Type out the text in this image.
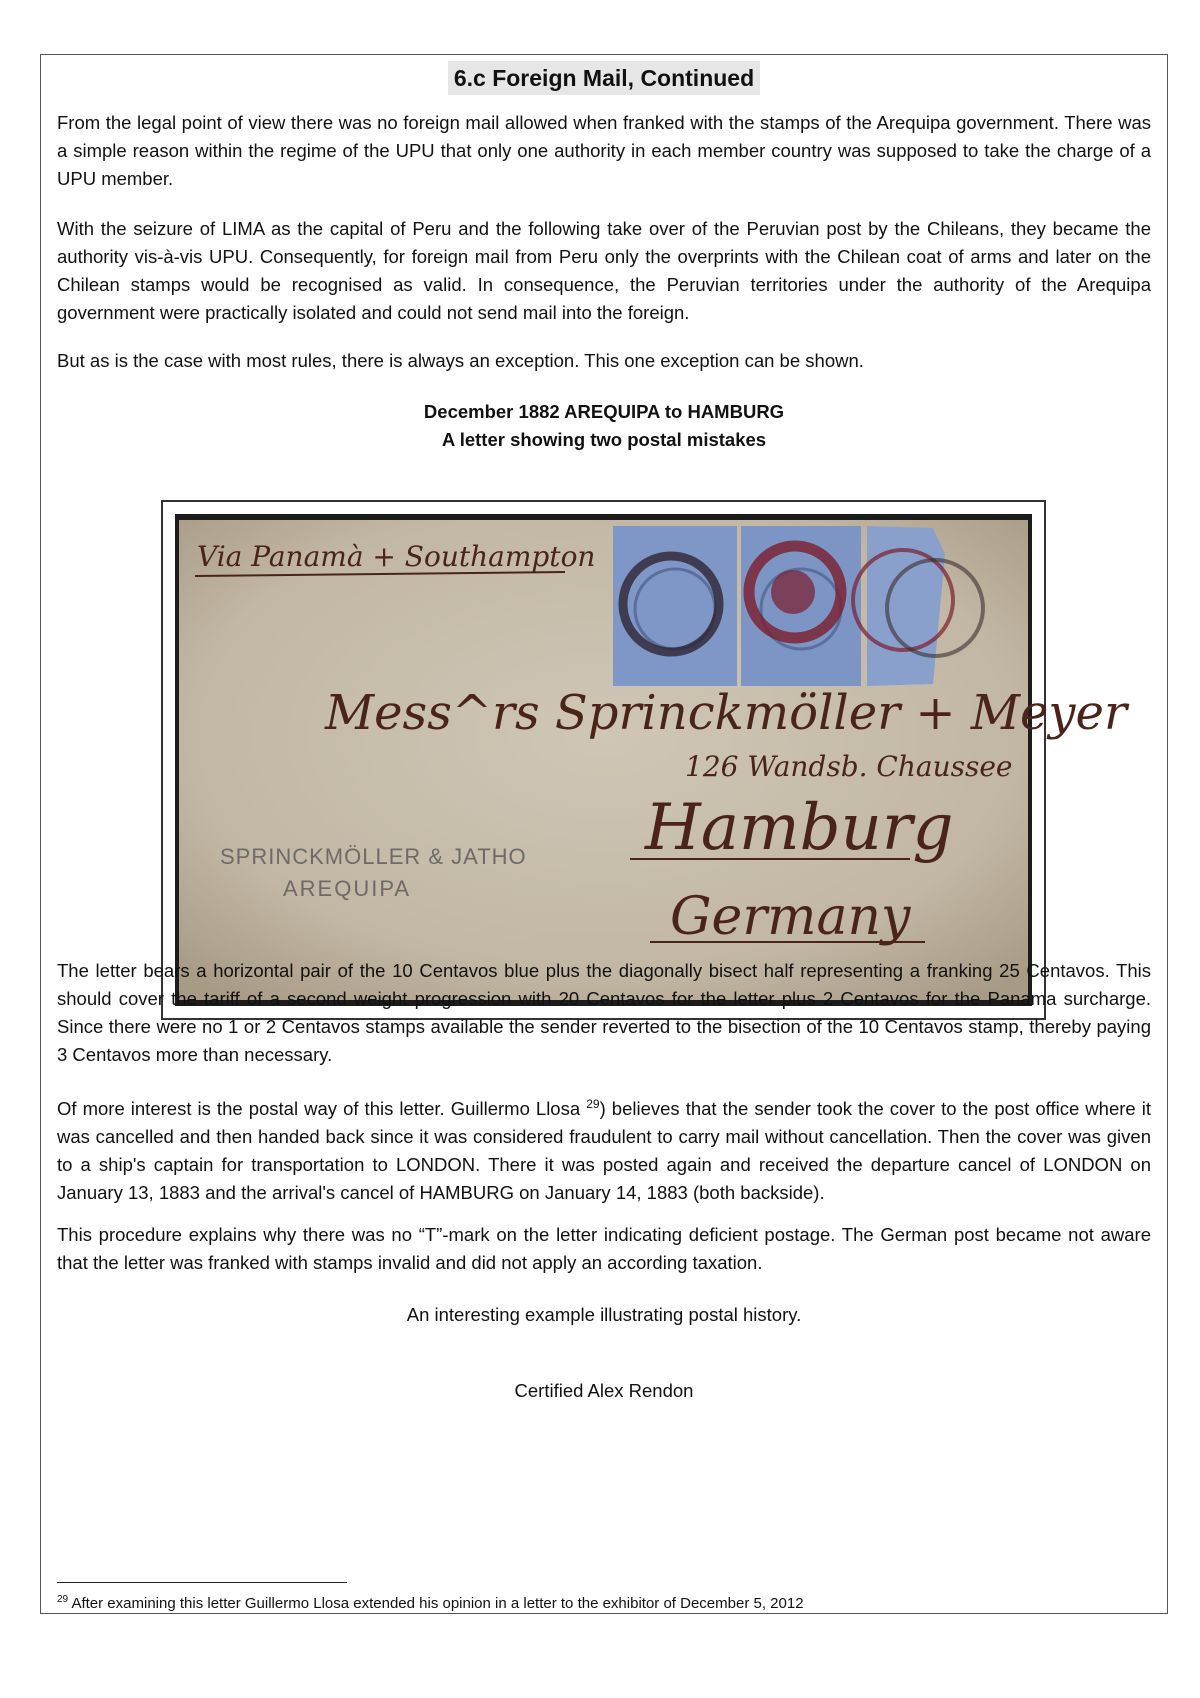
6.c Foreign Mail, Continued
From the legal point of view there was no foreign mail allowed when franked with the stamps of the Arequipa government. There was a simple reason within the regime of the UPU that only one authority in each member country was supposed to take the charge of a UPU member.
With the seizure of LIMA as the capital of Peru and the following take over of the Peruvian post by the Chileans, they became the authority vis-à-vis UPU. Consequently, for foreign mail from Peru only the overprints with the Chilean coat of arms and later on the Chilean stamps would be recognised as valid. In consequence, the Peruvian territories under the authority of the Arequipa government were practically isolated and could not send mail into the foreign.
But as is the case with most rules, there is always an exception. This one exception can be shown.
December 1882 AREQUIPA to HAMBURG
A letter showing two postal mistakes
Via Panamà + Southampton
Mess^rs Sprinckmöller + Meyer
126 Wandsb. Chaussee
Hamburg
Germany
SPRINCKMÖLLER & JATHO
AREQUIPA
The letter bears a horizontal pair of the 10 Centavos blue plus the diagonally bisect half representing a franking 25 Centavos. This should cover the tariff of a second weight progression with 20 Centavos for the letter plus 2 Centavos for the Panama surcharge. Since there were no 1 or 2 Centavos stamps available the sender reverted to the bisection of the 10 Centavos stamp, thereby paying 3 Centavos more than necessary.
Of more interest is the postal way of this letter. Guillermo Llosa $^{29}$) believes that the sender took the cover to the post office where it was cancelled and then handed back since it was considered fraudulent to carry mail without cancellation. Then the cover was given to a ship's captain for transportation to LONDON. There it was posted again and received the departure cancel of LONDON on January 13, 1883 and the arrival's cancel of HAMBURG on January 14, 1883 (both backside).
This procedure explains why there was no “T”-mark on the letter indicating deficient postage. The German post became not aware that the letter was franked with stamps invalid and did not apply an according taxation.
An interesting example illustrating postal history.
Certified Alex Rendon
$^{29}$ After examining this letter Guillermo Llosa extended his opinion in a letter to the exhibitor of December 5, 2012
